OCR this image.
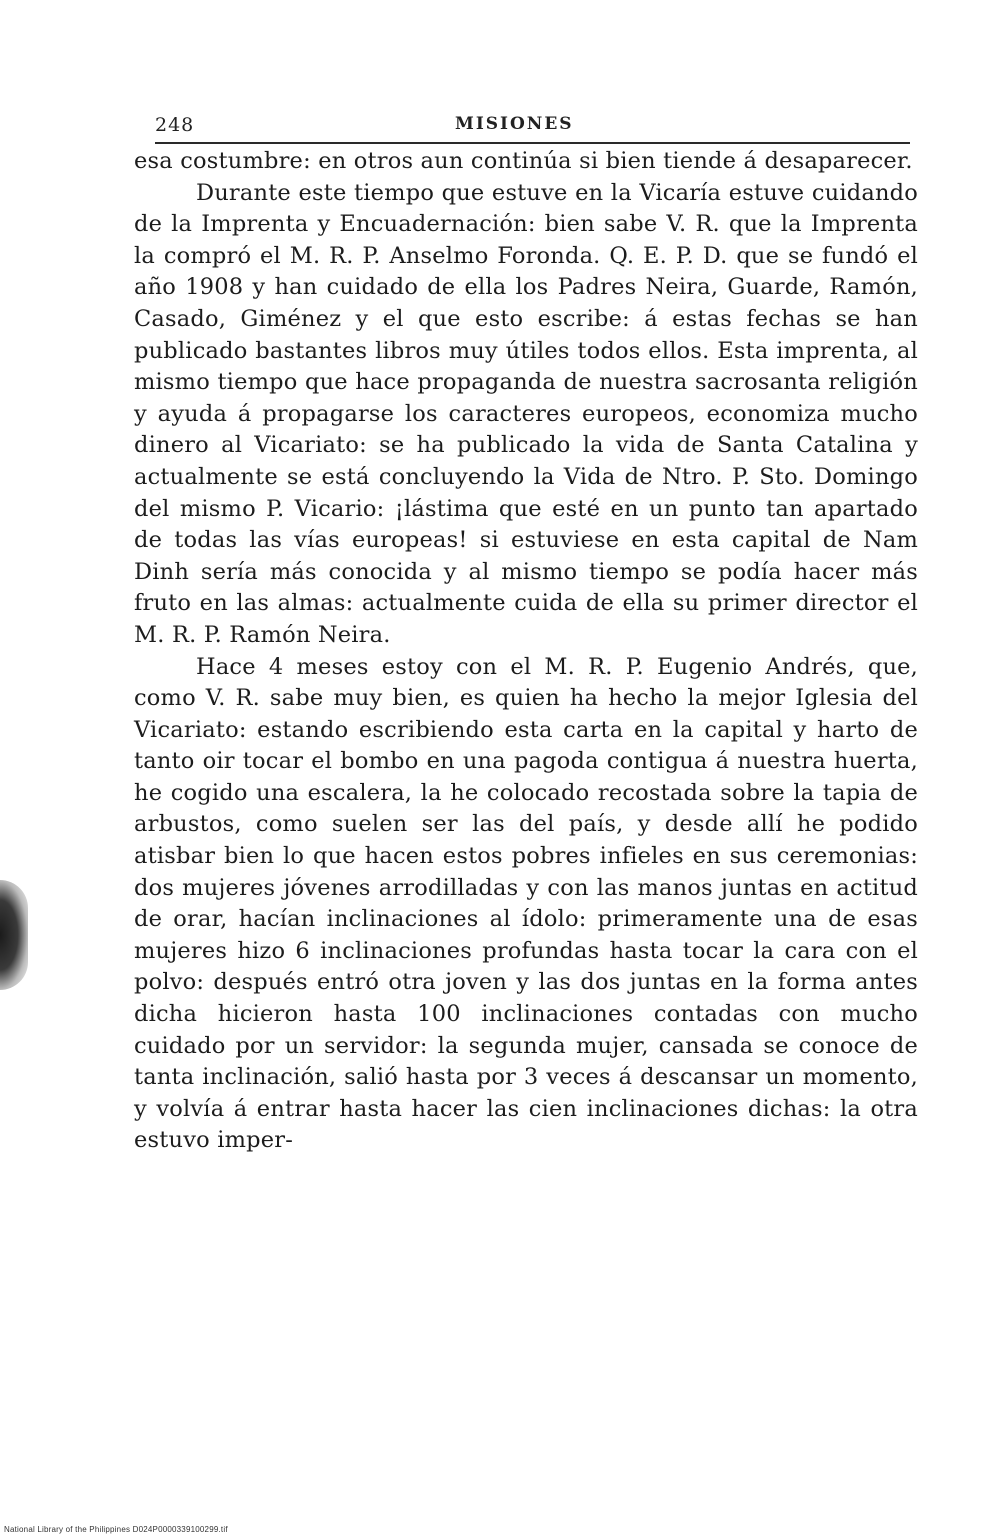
248	MISIONES

esa costumbre: en otros aun continúa si bien tiende á desaparecer.

Durante este tiempo que estuve en la Vicaría estuve cuidando de la Imprenta y Encuadernación: bien sabe V. R. que la Imprenta la compró el M. R. P. Anselmo Foronda. Q. E. P. D. que se fundó el año 1908 y han cuidado de ella los Padres Neira, Guarde, Ramón, Casado, Giménez y el que esto escribe: á estas fechas se han publicado bastantes libros muy útiles todos ellos. Esta imprenta, al mismo tiempo que hace propaganda de nuestra sacrosanta religión y ayuda á propagarse los caracteres europeos, economiza mucho dinero al Vicariato: se ha publicado la vida de Santa Catalina y actualmente se está concluyendo la Vida de Ntro. P. Sto. Domingo del mismo P. Vicario: ¡lástima que esté en un punto tan apartado de todas las vías europeas! si estuviese en esta capital de Nam Dinh sería más conocida y al mismo tiempo se podía hacer más fruto en las almas: actualmente cuida de ella su primer director el M. R. P. Ramón Neira.

Hace 4 meses estoy con el M. R. P. Eugenio Andrés, que, como V. R. sabe muy bien, es quien ha hecho la mejor Iglesia del Vicariato: estando escribiendo esta carta en la capital y harto de tanto oir tocar el bombo en una pagoda contigua á nuestra huerta, he cogido una escalera, la he colocado recostada sobre la tapia de arbustos, como suelen ser las del país, y desde allí he podido atisbar bien lo que hacen estos pobres infieles en sus ceremonias: dos mujeres jóvenes arrodilladas y con las manos juntas en actitud de orar, hacían inclinaciones al ídolo: primeramente una de esas mujeres hizo 6 inclinaciones profundas hasta tocar la cara con el polvo: después entró otra joven y las dos juntas en la forma antes dicha hicieron hasta 100 inclinaciones contadas con mucho cuidado por un servidor: la segunda mujer, cansada se conoce de tanta inclinación, salió hasta por 3 veces á descansar un momento, y volvía á entrar hasta hacer las cien inclinaciones dichas: la otra estuvo imper-

National Library of the Philippines D024P0000339100299.tif
